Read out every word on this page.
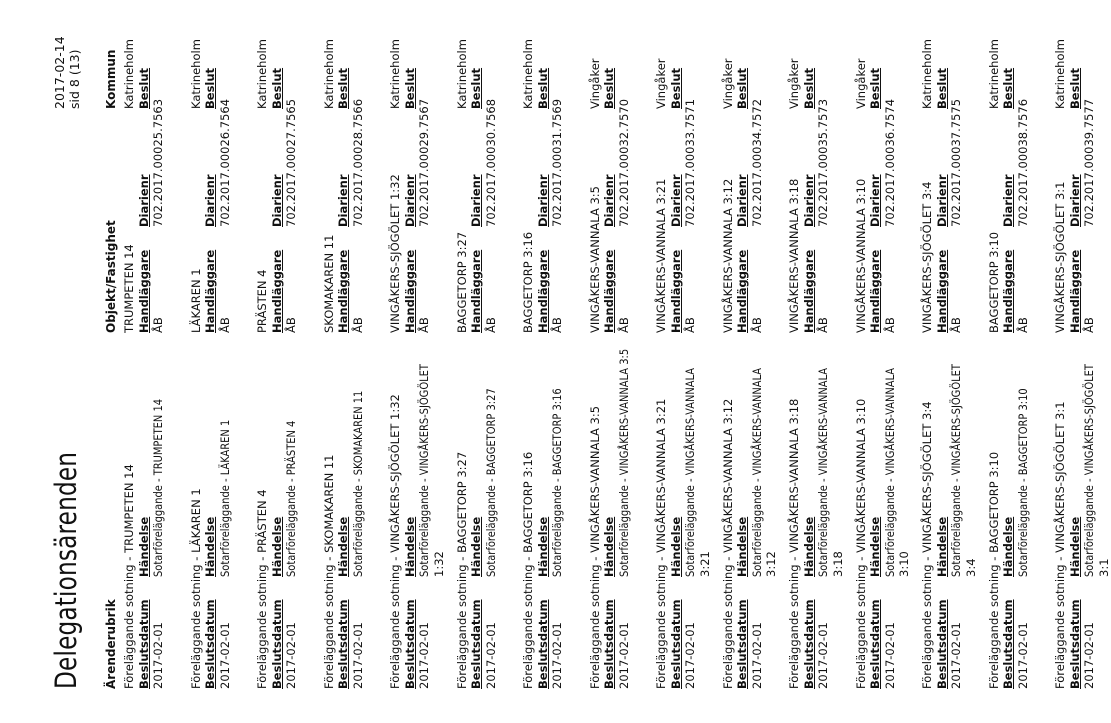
Delegationsärenden
2017-02-14 sid 8 (13)
Ärenderubrik
Objekt/Fastighet
Kommun
Föreläggande sotning - TRUMPETEN 14
TRUMPETEN 14
Katrineholm
Beslutsdatum
Händelse
Handläggare
Diarienr
Beslut
2017-02-01
Sotarföreläggande - TRUMPETEN 14
ÅB
702.2017.00025.7563
Föreläggande sotning - LÄKAREN 1
LÄKAREN 1
Katrineholm
Beslutsdatum
Händelse
Handläggare
Diarienr
Beslut
2017-02-01
Sotarföreläggande - LÄKAREN 1
ÅB
702.2017.00026.7564
Föreläggande sotning - PRÄSTEN 4
PRÄSTEN 4
Katrineholm
Beslutsdatum
Händelse
Handläggare
Diarienr
Beslut
2017-02-01
Sotarföreläggande - PRÄSTEN 4
ÅB
702.2017.00027.7565
Föreläggande sotning - SKOMAKAREN 11
SKOMAKAREN 11
Katrineholm
Beslutsdatum
Händelse
Handläggare
Diarienr
Beslut
2017-02-01
Sotarföreläggande - SKOMAKAREN 11
ÅB
702.2017.00028.7566
Föreläggande sotning - VINGÅKERS-SJÖGÖLET 1:32
VINGÅKERS-SJÖGÖLET 1:32
Katrineholm
Beslutsdatum
Händelse
Handläggare
Diarienr
Beslut
2017-02-01
Sotarföreläggande - VINGÅKERS-SJÖGÖLET
ÅB
702.2017.00029.7567
1:32 Föreläggande sotning - BAGGETORP 3:27
BAGGETORP 3:27
Katrineholm
Beslutsdatum
Händelse
Handläggare
Diarienr
Beslut
2017-02-01
Sotarföreläggande - BAGGETORP 3:27
ÅB
702.2017.00030.7568
Föreläggande sotning - BAGGETORP 3:16
BAGGETORP 3:16
Katrineholm
Beslutsdatum
Händelse
Handläggare
Diarienr
Beslut
2017-02-01
Sotarföreläggande - BAGGETORP 3:16
ÅB
702.2017.00031.7569
Föreläggande sotning - VINGÅKERS-VANNALA 3:5
VINGÅKERS-VANNALA 3:5
Vingåker
Beslutsdatum
Händelse
Handläggare
Diarienr
Beslut
2017-02-01
Sotarföreläggande - VINGÅKERS-VANNALA 3:5
ÅB
702.2017.00032.7570
Föreläggande sotning - VINGÅKERS-VANNALA 3:21
VINGÅKERS-VANNALA 3:21
Vingåker
Beslutsdatum
Händelse
Handläggare
Diarienr
Beslut
2017-02-01
Sotarföreläggande - VINGÅKERS-VANNALA
ÅB
702.2017.00033.7571
3:21 Föreläggande sotning - VINGÅKERS-VANNALA 3:12
VINGÅKERS-VANNALA 3:12
Vingåker
Beslutsdatum
Händelse
Handläggare
Diarienr
Beslut
2017-02-01
Sotarföreläggande - VINGÅKERS-VANNALA
ÅB
702.2017.00034.7572
3:12 Föreläggande sotning - VINGÅKERS-VANNALA 3:18
VINGÅKERS-VANNALA 3:18
Vingåker
Beslutsdatum
Händelse
Handläggare
Diarienr
Beslut
2017-02-01
Sotarföreläggande - VINGÅKERS-VANNALA
ÅB
702.2017.00035.7573
3:18 Föreläggande sotning - VINGÅKERS-VANNALA 3:10
VINGÅKERS-VANNALA 3:10
Vingåker
Beslutsdatum
Händelse
Handläggare
Diarienr
Beslut
2017-02-01
Sotarföreläggande - VINGÅKERS-VANNALA
ÅB
702.2017.00036.7574
3:10 Föreläggande sotning - VINGÅKERS-SJÖGÖLET 3:4
VINGÅKERS-SJÖGÖLET 3:4
Katrineholm
Beslutsdatum
Händelse
Handläggare
Diarienr
Beslut
2017-02-01
Sotarföreläggande - VINGÅKERS-SJÖGÖLET
ÅB
702.2017.00037.7575
3:4 Föreläggande sotning - BAGGETORP 3:10
BAGGETORP 3:10
Katrineholm
Beslutsdatum
Händelse
Handläggare
Diarienr
Beslut
2017-02-01
Sotarföreläggande - BAGGETORP 3:10
ÅB
702.2017.00038.7576
Föreläggande sotning - VINGÅKERS-SJÖGÖLET 3:1
VINGÅKERS-SJÖGÖLET 3:1
Katrineholm
Beslutsdatum
Händelse
Handläggare
Diarienr
Beslut
2017-02-01
Sotarföreläggande - VINGÅKERS-SJÖGÖLET
ÅB
702.2017.00039.7577
3:1
